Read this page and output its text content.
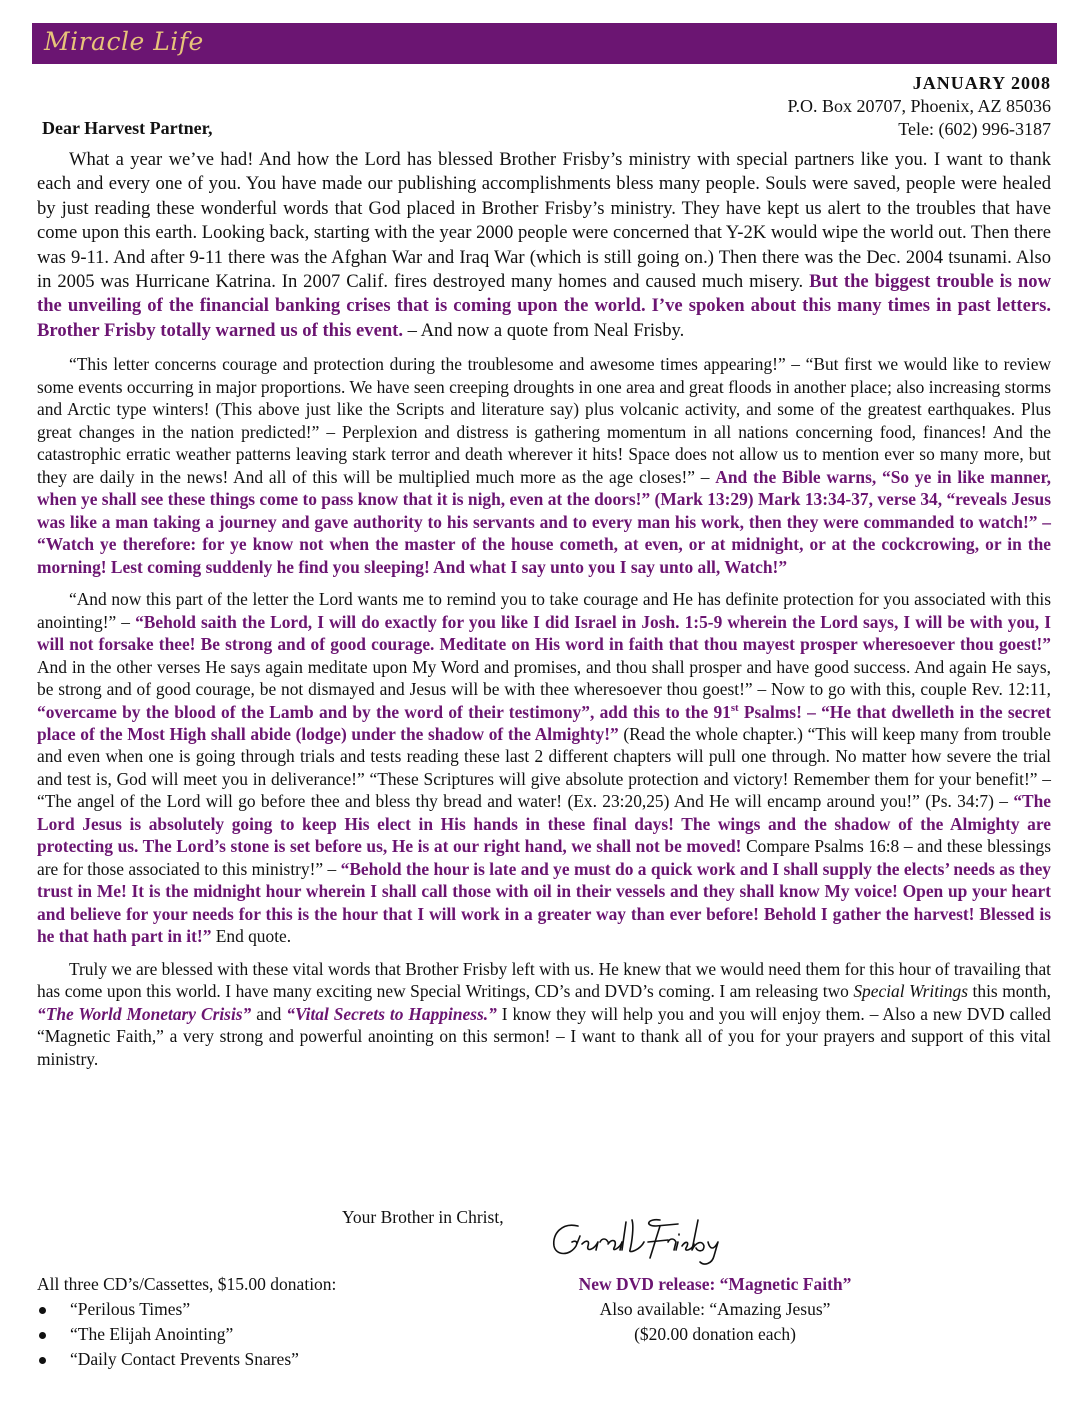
Miracle Life
JANUARY 2008
P.O. Box 20707, Phoenix, AZ 85036
Tele: (602) 996-3187
Dear Harvest Partner,

What a year we’ve had! And how the Lord has blessed Brother Frisby’s ministry with special partners like you. I want to thank each and every one of you. You have made our publishing accomplishments bless many people. Souls were saved, people were healed by just reading these wonderful words that God placed in Brother Frisby’s ministry. They have kept us alert to the troubles that have come upon this earth. Looking back, starting with the year 2000 people were concerned that Y-2K would wipe the world out. Then there was 9-11. And after 9-11 there was the Afghan War and Iraq War (which is still going on.) Then there was the Dec. 2004 tsunami. Also in 2005 was Hurricane Katrina. In 2007 Calif. fires destroyed many homes and caused much misery. But the biggest trouble is now the unveiling of the financial banking crises that is coming upon the world. I’ve spoken about this many times in past letters. Brother Frisby totally warned us of this event. – And now a quote from Neal Frisby.

“This letter concerns courage and protection during the troublesome and awesome times appearing!” – “But first we would like to review some events occurring in major proportions. We have seen creeping droughts in one area and great floods in another place; also increasing storms and Arctic type winters! (This above just like the Scripts and literature say) plus volcanic activity, and some of the greatest earthquakes. Plus great changes in the nation predicted!” – Perplexion and distress is gathering momentum in all nations concerning food, finances! And the catastrophic erratic weather patterns leaving stark terror and death wherever it hits! Space does not allow us to mention ever so many more, but they are daily in the news! And all of this will be multiplied much more as the age closes!” – And the Bible warns, “So ye in like manner, when ye shall see these things come to pass know that it is nigh, even at the doors!” (Mark 13:29) Mark 13:34-37, verse 34, “reveals Jesus was like a man taking a journey and gave authority to his servants and to every man his work, then they were commanded to watch!” – “Watch ye therefore: for ye know not when the master of the house cometh, at even, or at midnight, or at the cockcrowing, or in the morning! Lest coming suddenly he find you sleeping! And what I say unto you I say unto all, Watch!”

“And now this part of the letter the Lord wants me to remind you to take courage and He has definite protection for you associated with this anointing!” – “Behold saith the Lord, I will do exactly for you like I did Israel in Josh. 1:5-9 wherein the Lord says, I will be with you, I will not forsake thee! Be strong and of good courage. Meditate on His word in faith that thou mayest prosper wheresoever thou goest!” And in the other verses He says again meditate upon My Word and promises, and thou shall prosper and have good success. And again He says, be strong and of good courage, be not dismayed and Jesus will be with thee wheresoever thou goest!” – Now to go with this, couple Rev. 12:11, “overcame by the blood of the Lamb and by the word of their testimony”, add this to the 91st Psalms! – “He that dwelleth in the secret place of the Most High shall abide (lodge) under the shadow of the Almighty!” (Read the whole chapter.) “This will keep many from trouble and even when one is going through trials and tests reading these last 2 different chapters will pull one through. No matter how severe the trial and test is, God will meet you in deliverance!” “These Scriptures will give absolute protection and victory! Remember them for your benefit!” – “The angel of the Lord will go before thee and bless thy bread and water! (Ex. 23:20,25) And He will encamp around you!” (Ps. 34:7) – “The Lord Jesus is absolutely going to keep His elect in His hands in these final days! The wings and the shadow of the Almighty are protecting us. The Lord’s stone is set before us, He is at our right hand, we shall not be moved! Compare Psalms 16:8 – and these blessings are for those associated to this ministry!” – “Behold the hour is late and ye must do a quick work and I shall supply the elects’ needs as they trust in Me! It is the midnight hour wherein I shall call those with oil in their vessels and they shall know My voice! Open up your heart and believe for your needs for this is the hour that I will work in a greater way than ever before! Behold I gather the harvest! Blessed is he that hath part in it!” End quote.

Truly we are blessed with these vital words that Brother Frisby left with us. He knew that we would need them for this hour of travailing that has come upon this world. I have many exciting new Special Writings, CD’s and DVD’s coming. I am releasing two Special Writings this month, “The World Monetary Crisis” and “Vital Secrets to Happiness.” I know they will help you and you will enjoy them. – Also a new DVD called “Magnetic Faith,” a very strong and powerful anointing on this sermon! – I want to thank all of you for your prayers and support of this vital ministry.

Your Brother in Christ,
All three CD’s/Cassettes, $15.00 donation:
“Perilous Times”
“The Elijah Anointing”
“Daily Contact Prevents Snares”
New DVD release: “Magnetic Faith”
Also available: “Amazing Jesus”
($20.00 donation each)
